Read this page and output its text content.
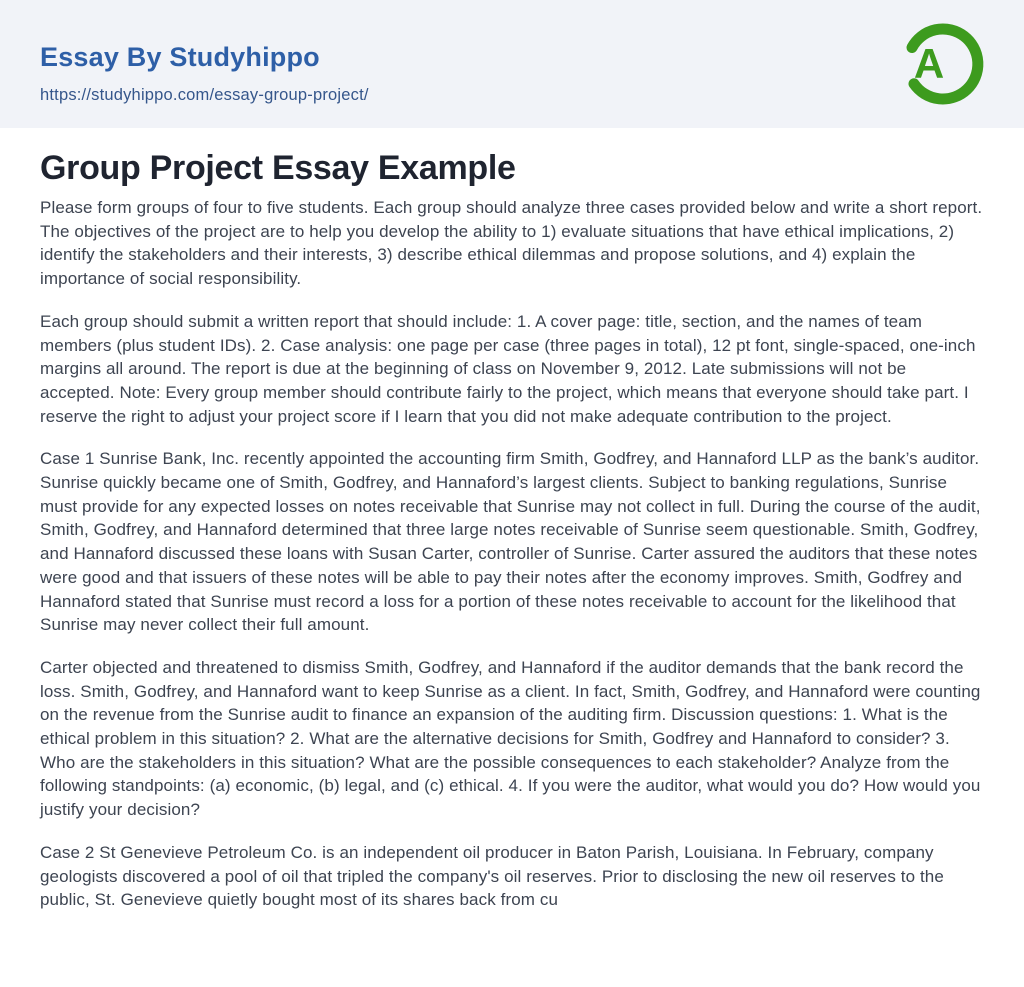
Essay By Studyhippo
https://studyhippo.com/essay-group-project/
A
Group Project Essay Example

Please form groups of four to five students. Each group should analyze three cases provided below and write a short report. The objectives of the project are to help you develop the ability to 1) evaluate situations that have ethical implications, 2) identify the stakeholders and their interests, 3) describe ethical dilemmas and propose solutions, and 4) explain the importance of social responsibility.

Each group should submit a written report that should include: 1. A cover page: title, section, and the names of team members (plus student IDs). 2. Case analysis: one page per case (three pages in total), 12 pt font, single-spaced, one-inch margins all around. The report is due at the beginning of class on November 9, 2012. Late submissions will not be accepted. Note: Every group member should contribute fairly to the project, which means that everyone should take part. I reserve the right to adjust your project score if I learn that you did not make adequate contribution to the project.

Case 1 Sunrise Bank, Inc. recently appointed the accounting firm Smith, Godfrey, and Hannaford LLP as the bank’s auditor. Sunrise quickly became one of Smith, Godfrey, and Hannaford’s largest clients. Subject to banking regulations, Sunrise must provide for any expected losses on notes receivable that Sunrise may not collect in full. During the course of the audit, Smith, Godfrey, and Hannaford determined that three large notes receivable of Sunrise seem questionable. Smith, Godfrey, and Hannaford discussed these loans with Susan Carter, controller of Sunrise. Carter assured the auditors that these notes were good and that issuers of these notes will be able to pay their notes after the economy improves. Smith, Godfrey and Hannaford stated that Sunrise must record a loss for a portion of these notes receivable to account for the likelihood that Sunrise may never collect their full amount.

Carter objected and threatened to dismiss Smith, Godfrey, and Hannaford if the auditor demands that the bank record the loss. Smith, Godfrey, and Hannaford want to keep Sunrise as a client. In fact, Smith, Godfrey, and Hannaford were counting on the revenue from the Sunrise audit to finance an expansion of the auditing firm. Discussion questions: 1. What is the ethical problem in this situation? 2. What are the alternative decisions for Smith, Godfrey and Hannaford to consider? 3. Who are the stakeholders in this situation? What are the possible consequences to each stakeholder? Analyze from the following standpoints: (a) economic, (b) legal, and (c) ethical. 4. If you were the auditor, what would you do? How would you justify your decision?

Case 2 St Genevieve Petroleum Co. is an independent oil producer in Baton Parish, Louisiana. In February, company geologists discovered a pool of oil that tripled the company's oil reserves. Prior to disclosing the new oil reserves to the public, St. Genevieve quietly bought most of its shares back from cu
